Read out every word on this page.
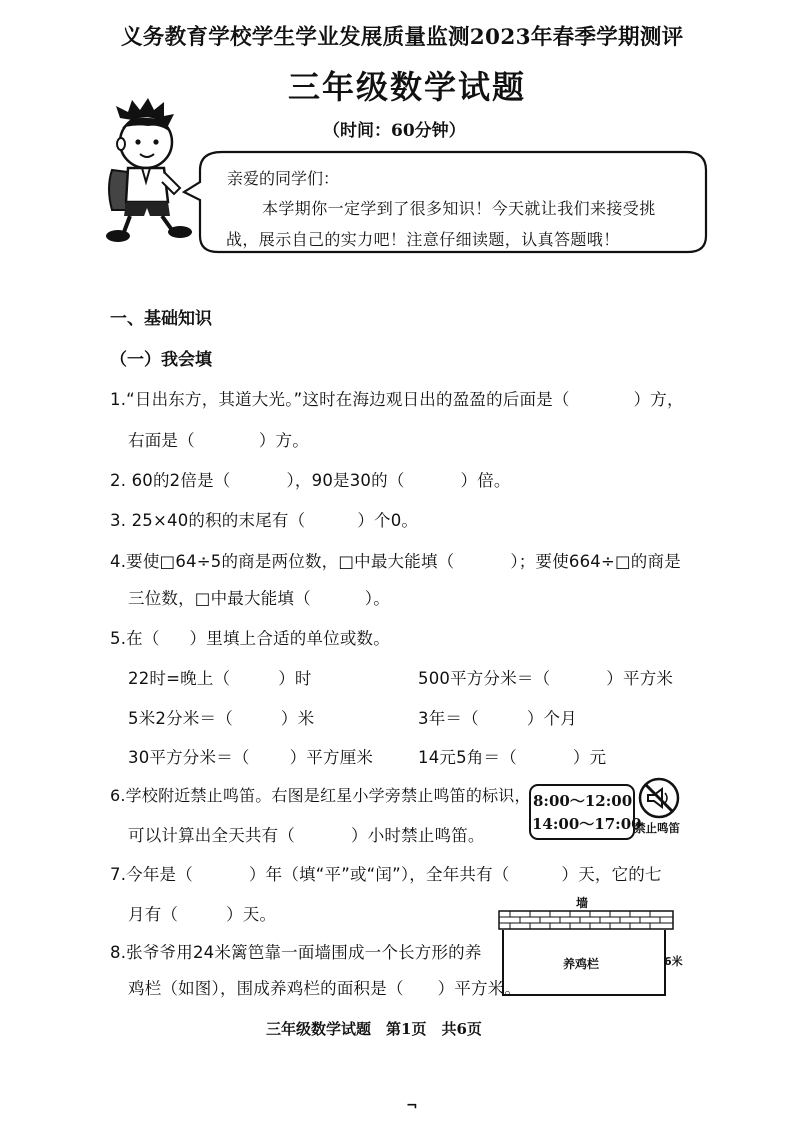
义务教育学校学生学业发展质量监测2023年春季学期测评
三年级数学试题
（时间：60分钟）
亲爱的同学们：
本学期你一定学到了很多知识！今天就让我们来接受挑
战，展示自己的实力吧！注意仔细读题，认真答题哦！
一、基础知识
（一）我会填
1.“日出东方，其道大光。”这时在海边观日出的盈盈的后面是（	）方，
右面是（	）方。
2. 60的2倍是（	），90是30的（	）倍。
3. 25×40的积的末尾有（	）个0。
4.要使□64÷5的商是两位数，□中最大能填（	）；要使664÷□的商是
三位数，□中最大能填（	）。
5.在（ ）里填上合适的单位或数。
22时=晚上（	）时	500平方分米＝（	）平方米
5米2分米＝（	）米	3年＝（	）个月
30平方分米＝（ ）平方厘米	14元5角＝（	）元
6.学校附近禁止鸣笛。右图是红星小学旁禁止鸣笛的标识，
可以计算出全天共有（	）小时禁止鸣笛。
8:00～12:00
14:00～17:00
禁止鸣笛
7.今年是（	）年（填“平”或“闰”），全年共有（	）天，它的七
月有（	）天。
8.张爷爷用24米篱笆靠一面墙围成一个长方形的养
鸡栏（如图），围成养鸡栏的面积是（ ）平方米。
墙
养鸡栏	6米
三年级数学试题　第1页　共6页
¬
